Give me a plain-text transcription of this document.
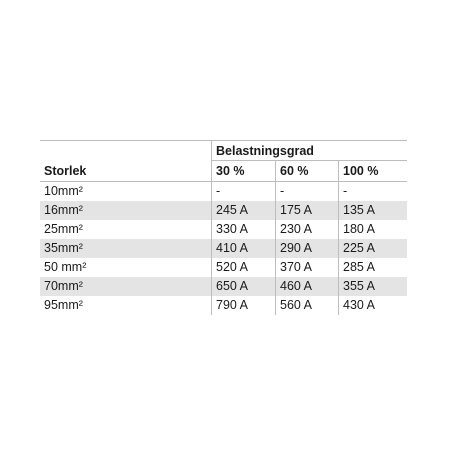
Belastningsgrad
Storlek	30 %	60 %	100 %
10mm²	-	-	-
16mm²	245 A	175 A	135 A
25mm²	330 A	230 A	180 A
35mm²	410 A	290 A	225 A
50 mm²	520 A	370 A	285 A
70mm²	650 A	460 A	355 A
95mm²	790 A	560 A	430 A
